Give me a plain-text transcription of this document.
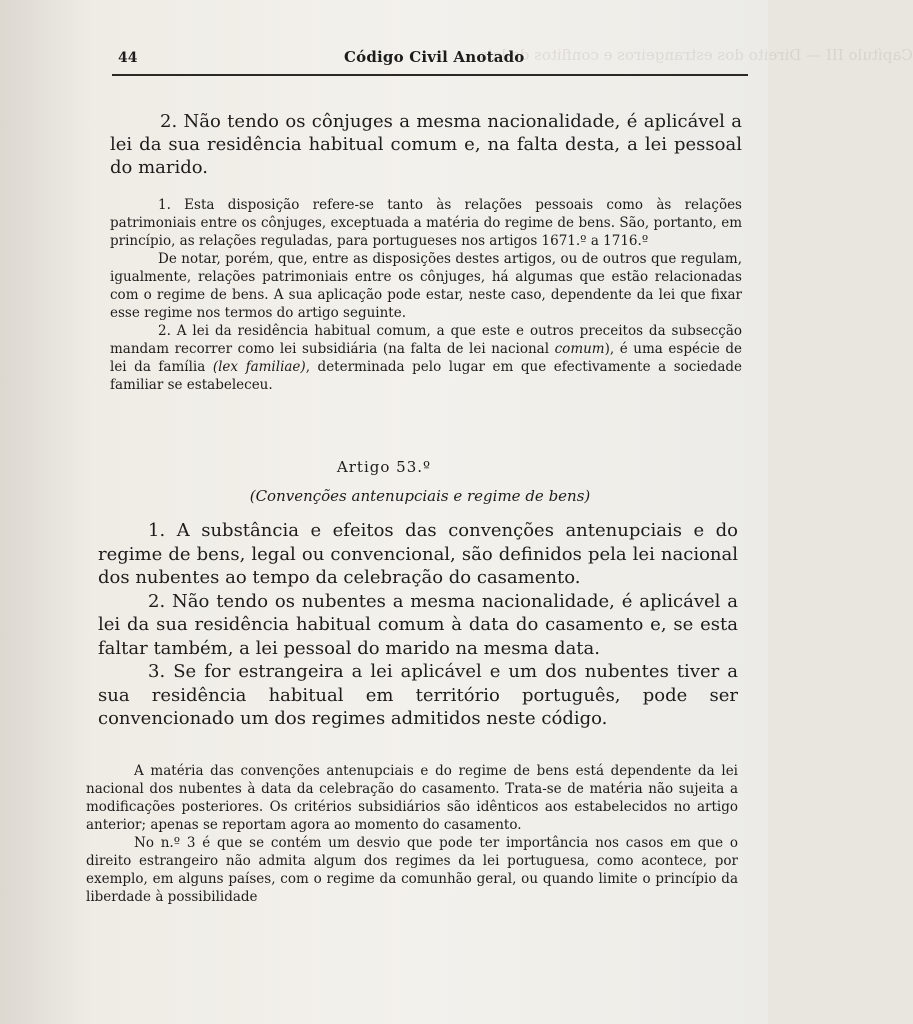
Capítulo III — Direito dos estrangeiros e conflitos de leis
44	Código Civil Anotado

2. Não tendo os cônjuges a mesma nacionalidade, é aplicável a lei da sua residência habitual comum e, na falta desta, a lei pessoal do marido.

1. Esta disposição refere-se tanto às relações pessoais como às relações patrimoniais entre os cônjuges, exceptuada a matéria do regime de bens. São, portanto, em princípio, as relações reguladas, para portugueses nos artigos 1671.º a 1716.º

De notar, porém, que, entre as disposições destes artigos, ou de outros que regulam, igualmente, relações patrimoniais entre os cônjuges, há algumas que estão relacionadas com o regime de bens. A sua aplicação pode estar, neste caso, dependente da lei que fixar esse regime nos termos do artigo seguinte.

2. A lei da residência habitual comum, a que este e outros preceitos da subsecção mandam recorrer como lei subsidiária (na falta de lei nacional comum), é uma espécie de lei da família (lex familiae), determinada pelo lugar em que efectivamente a sociedade familiar se estabeleceu.

Artigo 53.º
(Convenções antenupciais e regime de bens)

1. A substância e efeitos das convenções antenupciais e do regime de bens, legal ou convencional, são definidos pela lei nacional dos nubentes ao tempo da celebração do casamento.

2. Não tendo os nubentes a mesma nacionalidade, é aplicável a lei da sua residência habitual comum à data do casamento e, se esta faltar também, a lei pessoal do marido na mesma data.

3. Se for estrangeira a lei aplicável e um dos nubentes tiver a sua residência habitual em território português, pode ser convencionado um dos regimes admitidos neste código.

A matéria das convenções antenupciais e do regime de bens está dependente da lei nacional dos nubentes à data da celebração do casamento. Trata-se de matéria não sujeita a modificações posteriores. Os critérios subsidiários são idênticos aos estabelecidos no artigo anterior; apenas se reportam agora ao momento do casamento.

No n.º 3 é que se contém um desvio que pode ter importância nos casos em que o direito estrangeiro não admita algum dos regimes da lei portuguesa, como acontece, por exemplo, em alguns países, com o regime da comunhão geral, ou quando limite o princípio da liberdade à possibilidade
